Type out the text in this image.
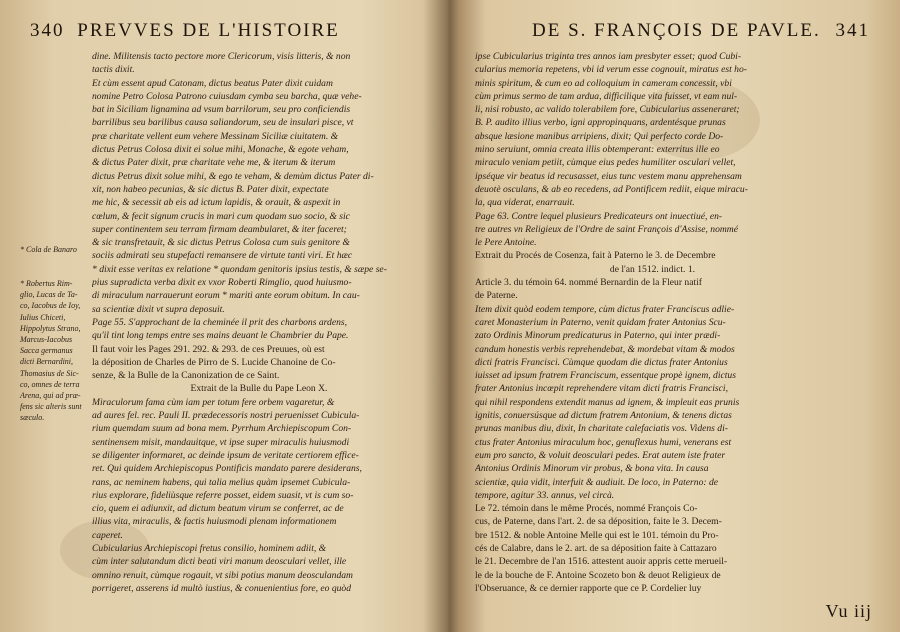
340 PREVVES DE L'HISTOIRE
* Cola de Banaro
* Robertus Rim-
glio, Lucas de Ta-
co, Iacobus de Ioy,
Iulius Chiceti,
Hippolytus Strano,
Marcus-Iacobus
Sacca germanus
dicti Bernardini,
Thomasius de Sic-
co, omnes de terra
Arena, qui ad præ-
fens sic alteris sunt
sæculo.
dine. Militensis tacto pectore more Clericorum, visis litteris, & non
tactis dixit.
Et cùm essent apud Catonam, dictus beatus Pater dixit cuidam
nomine Petro Colosa Patrono cuiusdam cymba seu barcha, quæ vehe-
bat in Siciliam lignamina ad vsum barrilorum, seu pro conficiendis
barrilibus seu barilibus causa saliandorum, seu de insulari pisce, vt
præ charitate vellent eum vehere Messinam Siciliæ ciuitatem. &
dictus Petrus Colosa dixit ei solue mihi, Monache, & egote veham,
& dictus Pater dixit, præ charitate vehe me, & iterum & iterum
dictus Petrus dixit solue mihi, & ego te veham, & demùm dictus Pater di-
xit, non habeo pecunias, & sic dictus B. Pater dixit, expectate
me hic, & secessit ab eis ad ictum lapidis, & orauit, & aspexit in
cœlum, & fecit signum crucis in mari cum quodam suo socio, & sic
super continentem seu terram firmam deambularet, & iter faceret;
& sic transfretauit, & sic dictus Petrus Colosa cum suis genitore &
sociis admirati seu stupefacti remansere de virtute tanti viri. Et hæc
* dixit esse veritas ex relatione * quondam genitoris ipsius testis, & sæpe se-
pius supradicta verba dixit ex vxor Roberti Rimglio, quod huiusmo-
di miraculum narrauerunt eorum * mariti ante eorum obitum. In cau-
sa scientiæ dixit vt supra deposuit.
Page 55. S'approchant de la cheminée il prit des charbons ardens,
qu'il tint long temps entre ses mains deuant le Chambrier du Pape.
Il faut voir les Pages 291. 292. & 293. de ces Preuues, où est
la déposition de Charles de Pirro de S. Lucide Chanoine de Co-
senze, & la Bulle de la Canonization de ce Saint.
Extrait de la Bulle du Pape Leon X.
Miraculorum fama cùm iam per totum fere orbem vagaretur, &
ad aures fel. rec. Pauli II. prædecessoris nostri peruenisset Cubicula-
rium quemdam suum ad bona mem. Pyrrhum Archiepiscopum Con-
sentinensem misit, mandauitque, vt ipse super miraculis huiusmodi
se diligenter informaret, ac deinde ipsum de veritate certiorem effice-
ret. Qui quidem Archiepiscopus Pontificis mandato parere desiderans,
rans, ac neminem habens, qui talia melius quàm ipsemet Cubicula-
rius explorare, fideliùsque referre posset, eidem suasit, vt is cum so-
cio, quem ei adiunxit, ad dictum beatum virum se conferret, ac de
illius vita, miraculis, & factis huiusmodi plenam informationem
caperet.
Cubicularius Archiepiscopi fretus consilio, hominem adiit, &
cùm inter salutandum dicti beati viri manum deosculari vellet, ille
omnino renuit, cùmque rogauit, vt sibi potius manum deosculandam
porrigeret, asserens id multò iustius, & conuenientius fore, eo quòd
DE S. FRANÇOIS DE PAVLE. 341
ipse Cubicularius triginta tres annos iam presbyter esset; quod Cubi-
cularius memoria repetens, vbi id verum esse cognouit, miratus est ho-
minis spiritum, & cum eo ad colloquium in cameram concessit, vbi
cùm primus sermo de tam ardua, difficilique vita fuisset, vt eam nul-
li, nisi robusto, ac valido tolerabilem fore, Cubicularius asseneraret;
B. P. audito illius verbo, igni appropinquans, ardentésque prunas
absque læsione manibus arripiens, dixit; Qui perfecto corde Do-
mino seruiunt, omnia creata illis obtemperant: exterritus ille eo
miraculo veniam petiit, cùmque eius pedes humiliter osculari vellet,
ipséque vir beatus id recusasset, eius tunc vestem manu apprehensam
deuotè osculans, & ab eo recedens, ad Pontificem rediit, eique miracu-
la, qua viderat, enarrauit.
Page 63. Contre lequel plusieurs Predicateurs ont inuectiué, en-
tre autres vn Religieux de l'Ordre de saint François d'Assise, nommé
le Pere Antoine.
Extrait du Procés de Cosenza, fait à Paterno le 3. de Decembre
de l'an 1512. indict. 1.
Article 3. du témoin 64. nommé Bernardin de la Fleur natif
de Paterne.
Item dixit quòd eodem tempore, cùm dictus frater Franciscus adlie-
caret Monasterium in Paterno, venit quidam frater Antonius Scu-
zato Ordinis Minorum predicaturus in Paterno, qui inter prædi-
candum honestis verbis reprehendebat, & mordebat vitam & modos
dicti fratris Francisci. Cùmque quodam die dictus frater Antonius
iuisset ad ipsum fratrem Franciscum, essentque propè ignem, dictus
frater Antonius incœpit reprehendere vitam dicti fratris Francisci,
qui nihil respondens extendit manus ad ignem, & impleuit eas prunis
ignitis, conuersúsque ad dictum fratrem Antonium, & tenens dictas
prunas manibus diu, dixit, In charitate calefaciatis vos. Videns di-
ctus frater Antonius miraculum hoc, genuflexus humi, venerans est
eum pro sancto, & voluit deosculari pedes. Erat autem iste frater
Antonius Ordinis Minorum vir probus, & bona vita. In causa
scientiæ, quia vidit, interfuit & audiuit. De loco, in Paterno: de
tempore, agitur 33. annus, vel circà.
Le 72. témoin dans le même Procés, nommé François Co-
cus, de Paterne, dans l'art. 2. de sa déposition, faite le 3. Decem-
bre 1512. & noble Antoine Melle qui est le 101. témoin du Pro-
cés de Calabre, dans le 2. art. de sa déposition faite à Cattazaro
le 21. Decembre de l'an 1516. attestent auoir appris cette merueil-
le de la bouche de F. Antoine Scozeto bon & deuot Religieux de
l'Obseruance, & ce dernier rapporte que ce P. Cordelier luy
Vu iij
